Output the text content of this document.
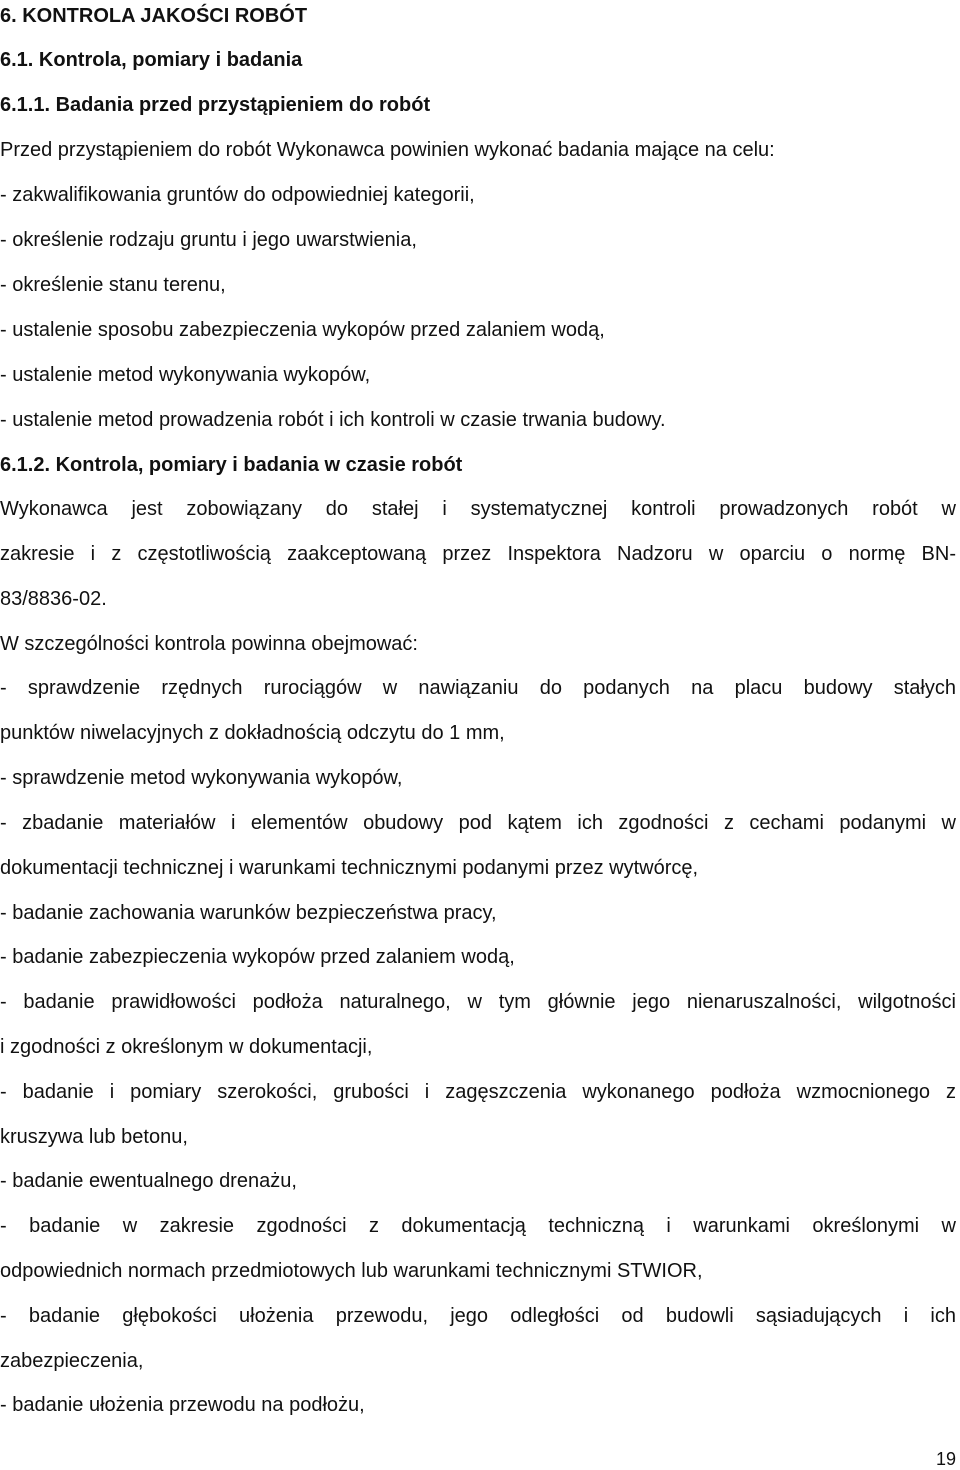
6. KONTROLA JAKOŚCI ROBÓT
6.1. Kontrola, pomiary i badania
6.1.1. Badania przed przystąpieniem do robót
Przed przystąpieniem do robót Wykonawca powinien wykonać badania mające na celu:
- zakwalifikowania gruntów do odpowiedniej kategorii,
- określenie rodzaju gruntu i jego uwarstwienia,
- określenie stanu terenu,
- ustalenie sposobu zabezpieczenia wykopów przed zalaniem wodą,
- ustalenie metod wykonywania wykopów,
- ustalenie metod prowadzenia robót i ich kontroli w czasie trwania budowy.
6.1.2. Kontrola, pomiary i badania w czasie robót
Wykonawca jest zobowiązany do stałej i systematycznej kontroli prowadzonych robót w
zakresie i z częstotliwością zaakceptowaną przez Inspektora Nadzoru w oparciu o normę BN-
83/8836-02.
W szczególności kontrola powinna obejmować:
- sprawdzenie rzędnych rurociągów w nawiązaniu do podanych na placu budowy stałych
punktów niwelacyjnych z dokładnością odczytu do 1 mm,
- sprawdzenie metod wykonywania wykopów,
- zbadanie materiałów i elementów obudowy pod kątem ich zgodności z cechami podanymi w
dokumentacji technicznej i warunkami technicznymi podanymi przez wytwórcę,
- badanie zachowania warunków bezpieczeństwa pracy,
- badanie zabezpieczenia wykopów przed zalaniem wodą,
- badanie prawidłowości podłoża naturalnego, w tym głównie jego nienaruszalności, wilgotności
i zgodności z określonym w dokumentacji,
- badanie i pomiary szerokości, grubości i zagęszczenia wykonanego podłoża wzmocnionego z
kruszywa lub betonu,
- badanie ewentualnego drenażu,
- badanie w zakresie zgodności z dokumentacją techniczną i warunkami określonymi w
odpowiednich normach przedmiotowych lub warunkami technicznymi STWIOR,
- badanie głębokości ułożenia przewodu, jego odległości od budowli sąsiadujących i ich
zabezpieczenia,
- badanie ułożenia przewodu na podłożu,
19
